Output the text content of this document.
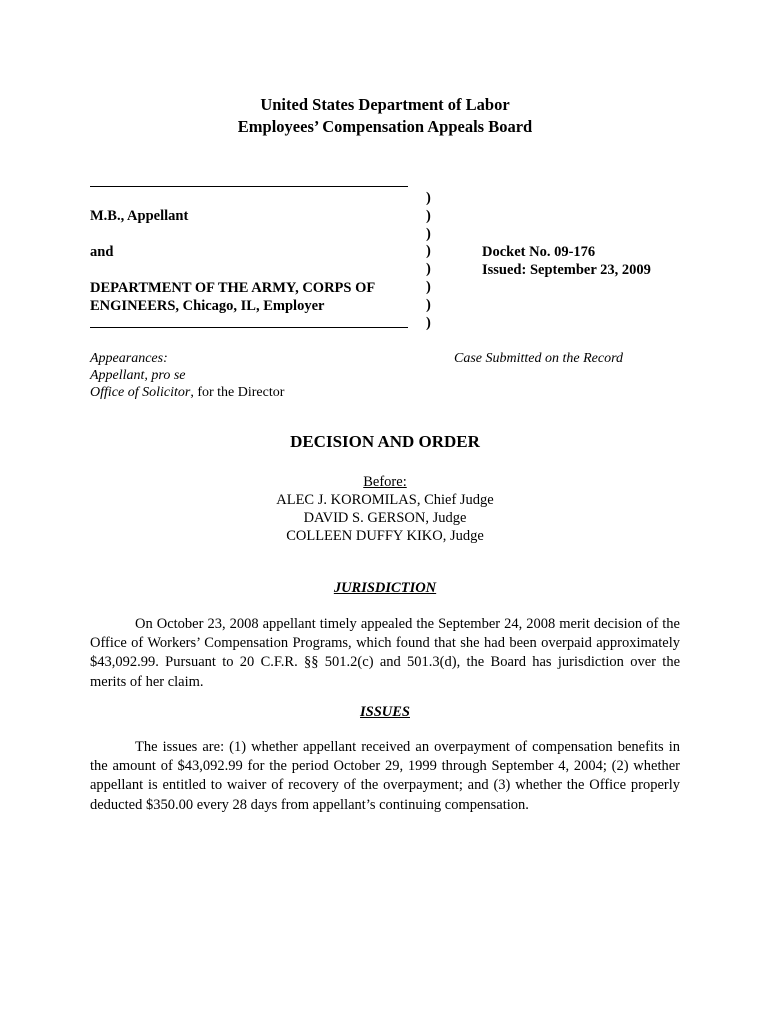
United States Department of Labor
Employees’ Compensation Appeals Board
M.B., Appellant
and
DEPARTMENT OF THE ARMY, CORPS OF
ENGINEERS, Chicago, IL, Employer
)
)
)
)
)
)
)
)
Docket No. 09-176
Issued: September 23, 2009
Appearances:
Appellant, pro se
Office of Solicitor, for the Director
Case Submitted on the Record
DECISION AND ORDER
Before:
ALEC J. KOROMILAS, Chief Judge
DAVID S. GERSON, Judge
COLLEEN DUFFY KIKO, Judge
JURISDICTION
On October 23, 2008 appellant timely appealed the September 24, 2008 merit decision of the Office of Workers’ Compensation Programs, which found that she had been overpaid approximately $43,092.99. Pursuant to 20 C.F.R. §§ 501.2(c) and 501.3(d), the Board has jurisdiction over the merits of her claim.
ISSUES
The issues are: (1) whether appellant received an overpayment of compensation benefits in the amount of $43,092.99 for the period October 29, 1999 through September 4, 2004; (2) whether appellant is entitled to waiver of recovery of the overpayment; and (3) whether the Office properly deducted $350.00 every 28 days from appellant’s continuing compensation.
